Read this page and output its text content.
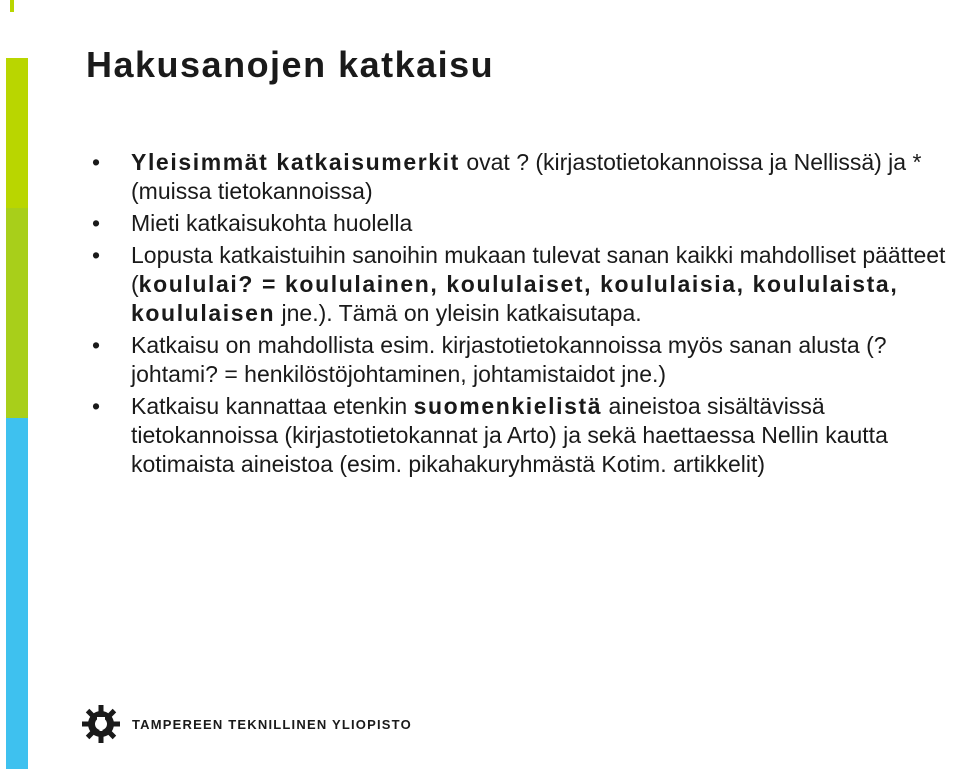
Hakusanojen katkaisu
• Yleisimmät katkaisumerkit ovat ? (kirjastotietokannoissa ja Nellissä) ja * (muissa tietokannoissa)
• Mieti katkaisukohta huolella
• Lopusta katkaistuihin sanoihin mukaan tulevat sanan kaikki mahdolliset päätteet (koululai? = koululainen, koululaiset, koululaisia, koululaista, koululaisen jne.). Tämä on yleisin katkaisutapa.
• Katkaisu on mahdollista esim. kirjastotietokannoissa myös sanan alusta (?johtami? = henkilöstöjohtaminen, johtamistaidot jne.)
• Katkaisu kannattaa etenkin suomenkielistä aineistoa sisältävissä tietokannoissa (kirjastotietokannat ja Arto) ja sekä haettaessa Nellin kautta kotimaista aineistoa (esim. pikahakuryhmästä Kotim. artikkelit)
TAMPEREEN TEKNILLINEN YLIOPISTO
